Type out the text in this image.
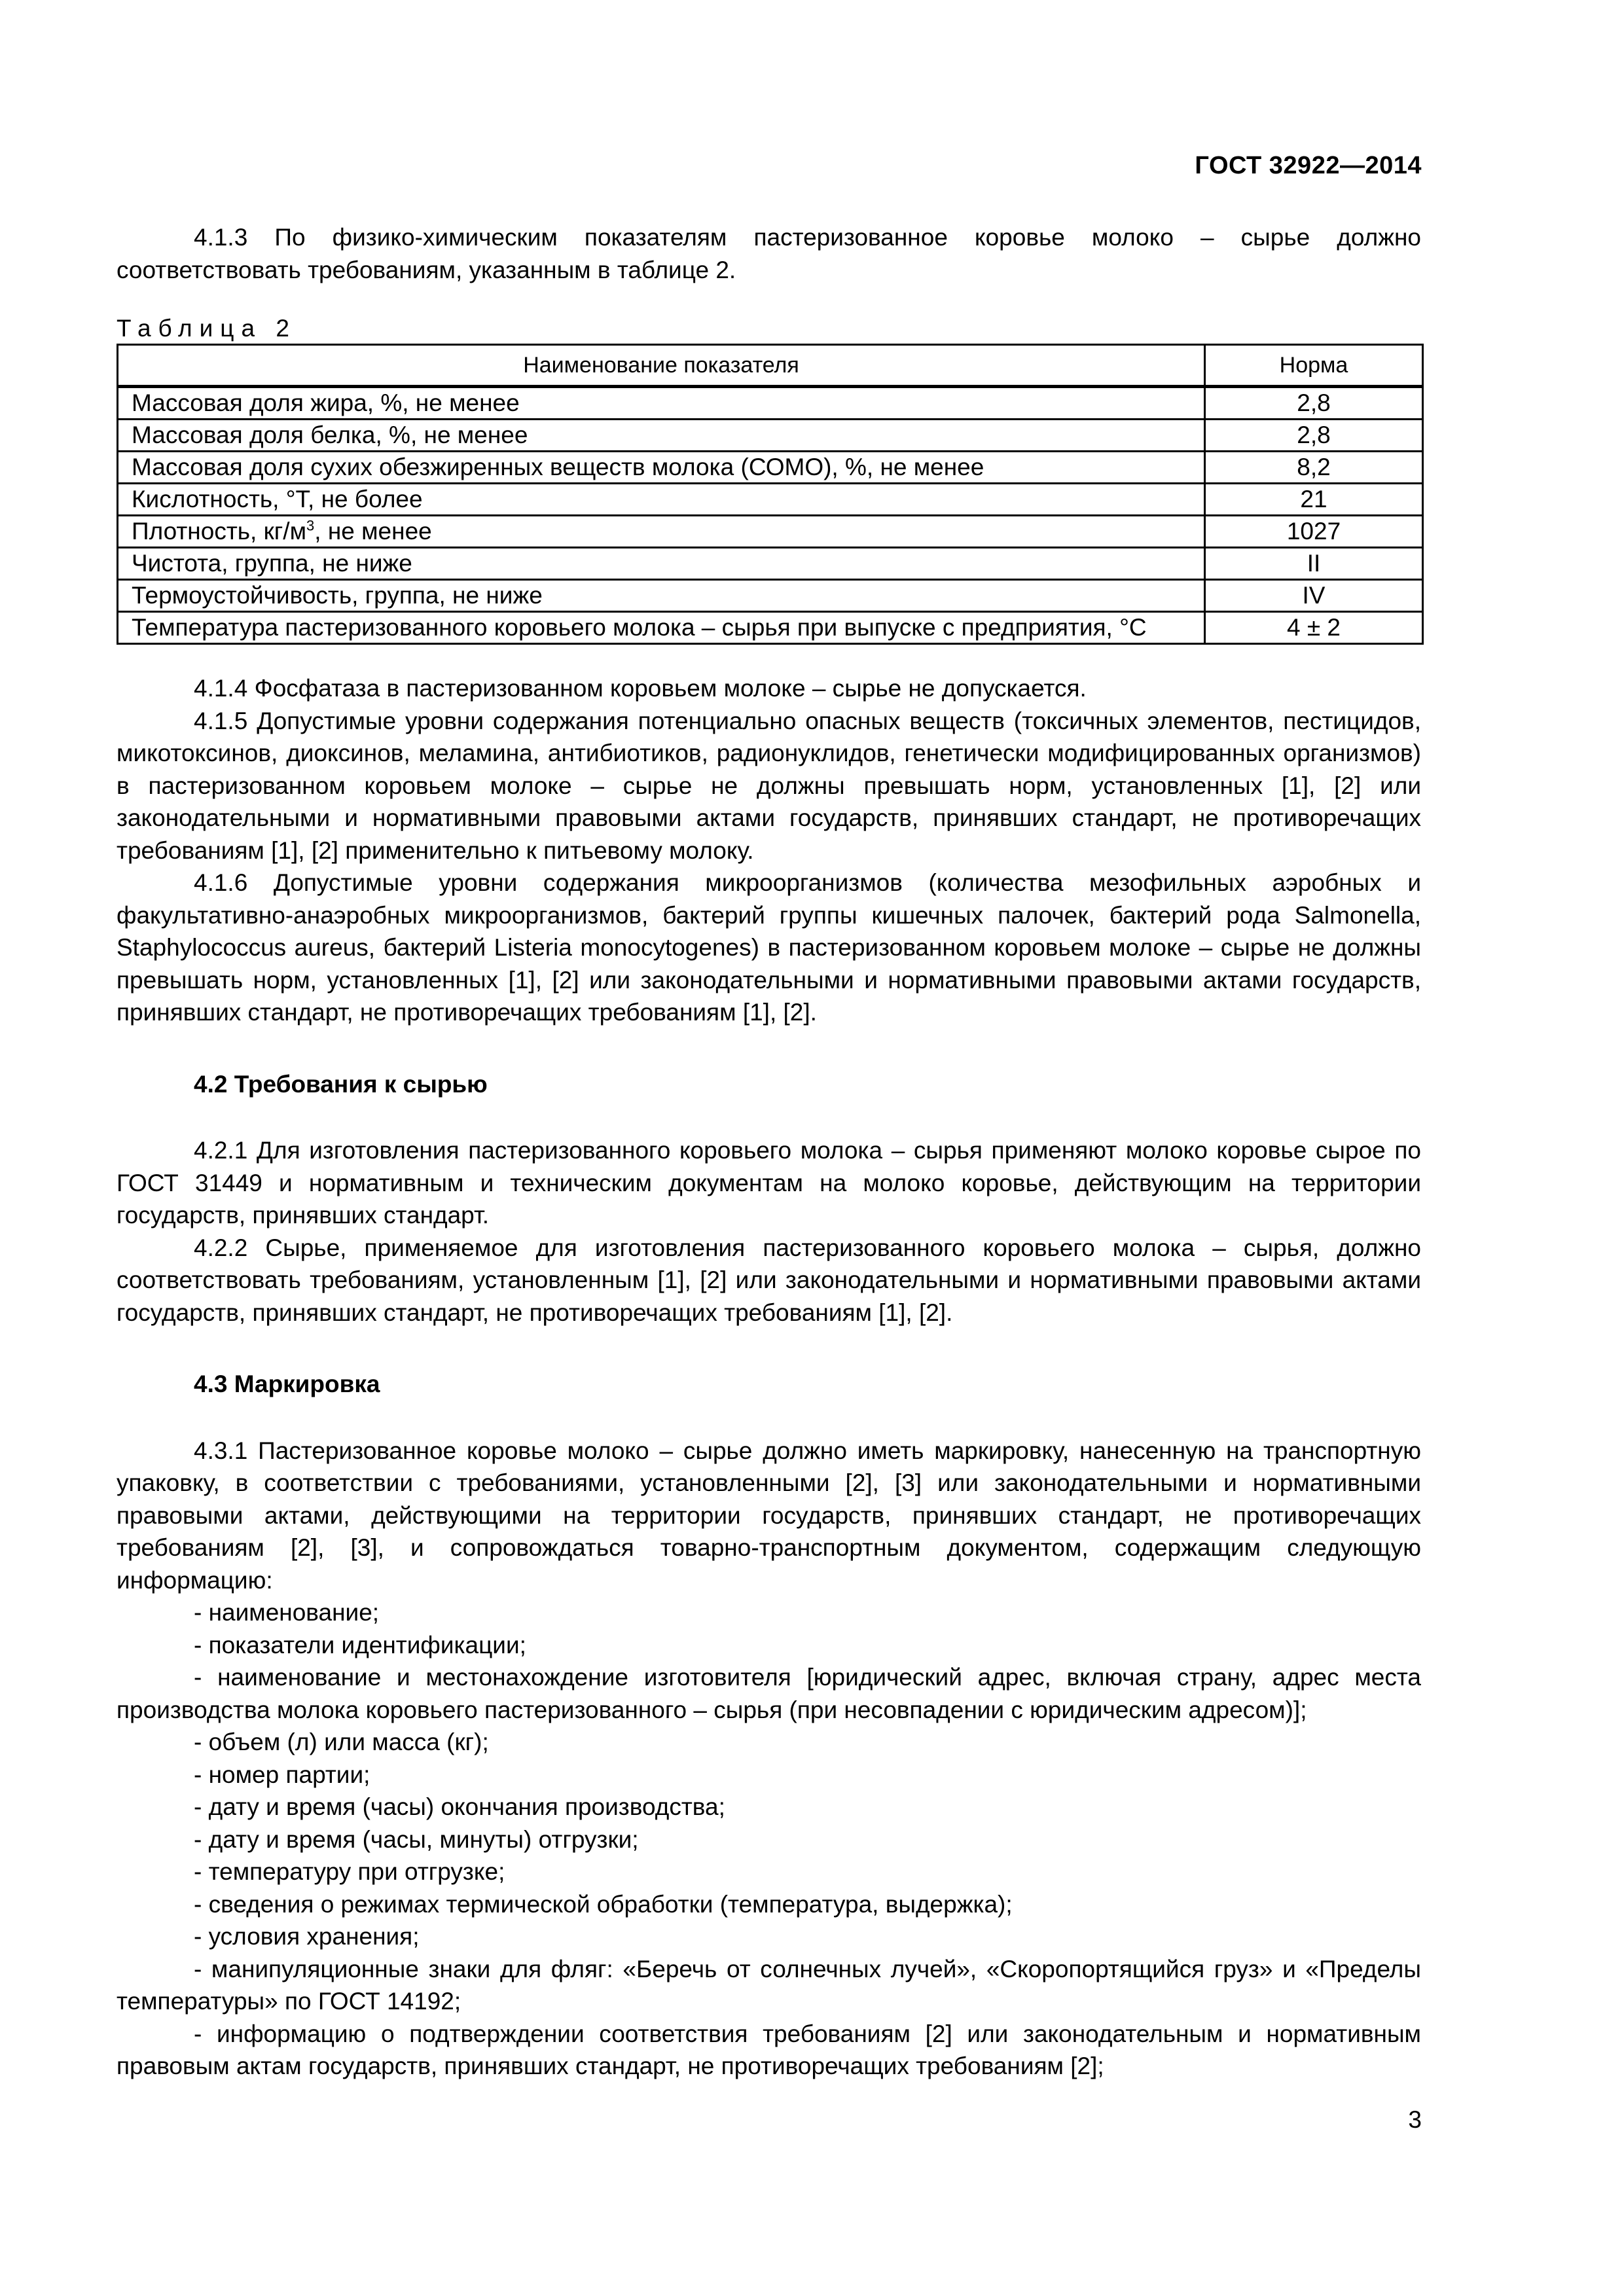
ГОСТ 32922—2014

4.1.3 По физико-химическим показателям пастеризованное коровье молоко – сырье должно соответствовать требованиям, указанным в таблице 2.

Таблица 2
Наименование показателя	Норма
Массовая доля жира, %, не менее	2,8
Массовая доля белка, %, не менее	2,8
Массовая доля сухих обезжиренных веществ молока (СОМО), %, не менее	8,2
Кислотность, °Т, не более	21
Плотность, $кг/м^3$, не менее	1027
Чистота, группа, не ниже	II
Термоустойчивость, группа, не ниже	IV
Температура пастеризованного коровьего молока – сырья при выпуске с предприятия, °С	4 ± 2

4.1.4 Фосфатаза в пастеризованном коровьем молоке – сырье не допускается.

4.1.5 Допустимые уровни содержания потенциально опасных веществ (токсичных элементов, пестицидов, микотоксинов, диоксинов, меламина, антибиотиков, радионуклидов, генетически модифицированных организмов) в пастеризованном коровьем молоке – сырье не должны превышать норм, установленных [1], [2] или законодательными и нормативными правовыми актами государств, принявших стандарт, не противоречащих требованиям [1], [2] применительно к питьевому молоку.

4.1.6 Допустимые уровни содержания микроорганизмов (количества мезофильных аэробных и факультативно-анаэробных микроорганизмов, бактерий группы кишечных палочек, бактерий рода Salmonella, Staphylococcus aureus, бактерий Listeria monocytogenes) в пастеризованном коровьем молоке – сырье не должны превышать норм, установленных [1], [2] или законодательными и нормативными правовыми актами государств, принявших стандарт, не противоречащих требованиям [1], [2].

4.2 Требования к сырью

4.2.1 Для изготовления пастеризованного коровьего молока – сырья применяют молоко коровье сырое по ГОСТ 31449 и нормативным и техническим документам на молоко коровье, действующим на территории государств, принявших стандарт.

4.2.2 Сырье, применяемое для изготовления пастеризованного коровьего молока – сырья, должно соответствовать требованиям, установленным [1], [2] или законодательными и нормативными правовыми актами государств, принявших стандарт, не противоречащих требованиям [1], [2].

4.3 Маркировка

4.3.1 Пастеризованное коровье молоко – сырье должно иметь маркировку, нанесенную на транспортную упаковку, в соответствии с требованиями, установленными [2], [3] или законодательными и нормативными правовыми актами, действующими на территории государств, принявших стандарт, не противоречащих требованиям [2], [3], и сопровождаться товарно-транспортным документом, содержащим следующую информацию:

- наименование;

- показатели идентификации;

- наименование и местонахождение изготовителя [юридический адрес, включая страну, адрес места производства молока коровьего пастеризованного – сырья (при несовпадении с юридическим адресом)];

- объем (л) или масса (кг);

- номер партии;

- дату и время (часы) окончания производства;

- дату и время (часы, минуты) отгрузки;

- температуру при отгрузке;

- сведения о режимах термической обработки (температура, выдержка);

- условия хранения;

- манипуляционные знаки для фляг: «Беречь от солнечных лучей», «Скоропортящийся груз» и «Пределы температуры» по ГОСТ 14192;

- информацию о подтверждении соответствия требованиям [2] или законодательным и нормативным правовым актам государств, принявших стандарт, не противоречащих требованиям [2];

3
